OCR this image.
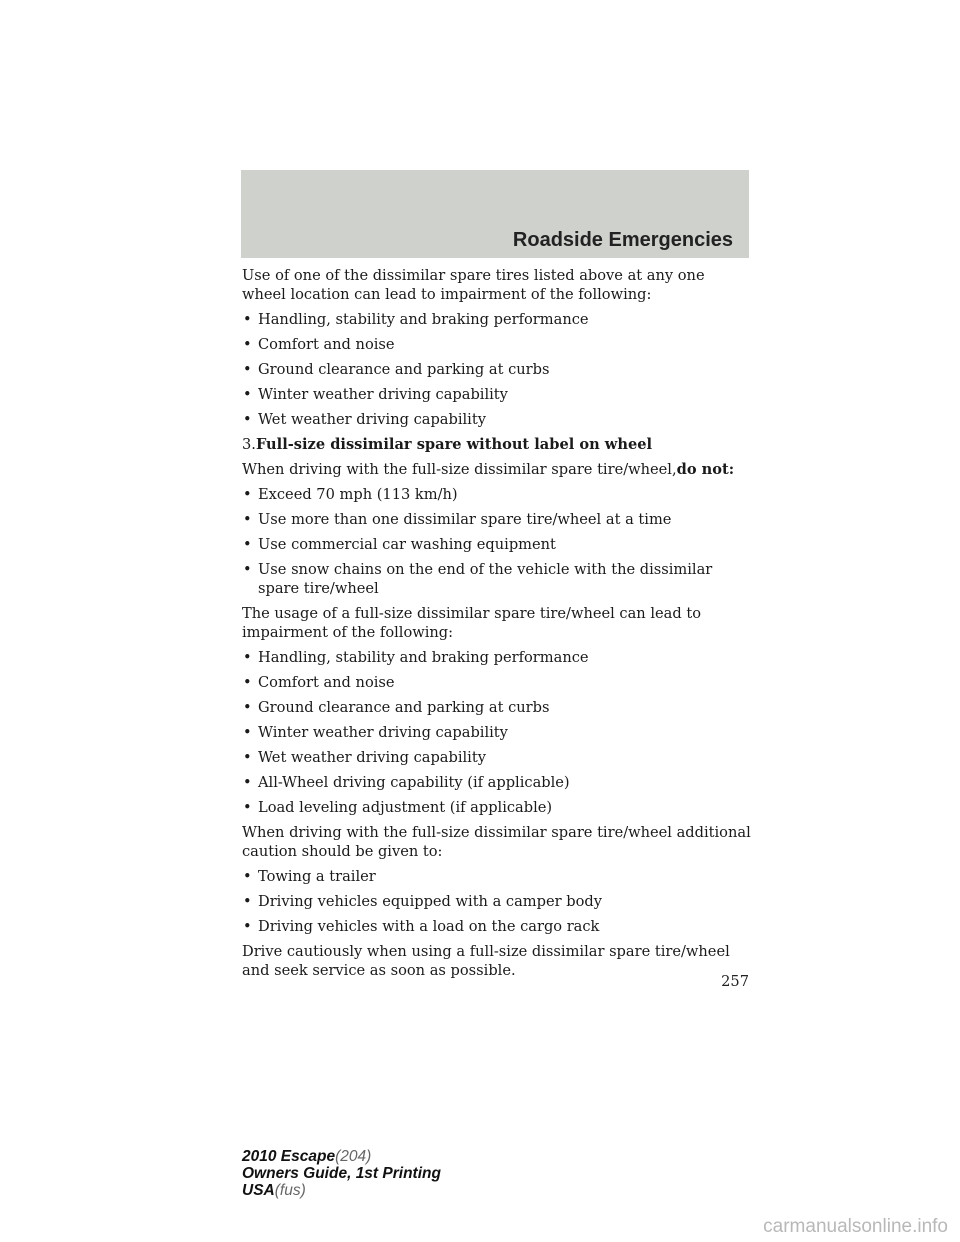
Roadside Emergencies

Use of one of the dissimilar spare tires listed above at any one wheel location can lead to impairment of the following:

• Handling, stability and braking performance
• Comfort and noise
• Ground clearance and parking at curbs
• Winter weather driving capability
• Wet weather driving capability

3.Full-size dissimilar spare without label on wheel

When driving with the full-size dissimilar spare tire/wheel,do not:

• Exceed 70 mph (113 km/h)
• Use more than one dissimilar spare tire/wheel at a time
• Use commercial car washing equipment
• Use snow chains on the end of the vehicle with the dissimilar spare tire/wheel

The usage of a full-size dissimilar spare tire/wheel can lead to impairment of the following:

• Handling, stability and braking performance
• Comfort and noise
• Ground clearance and parking at curbs
• Winter weather driving capability
• Wet weather driving capability
• All-Wheel driving capability (if applicable)
• Load leveling adjustment (if applicable)

When driving with the full-size dissimilar spare tire/wheel additional caution should be given to:

• Towing a trailer
• Driving vehicles equipped with a camper body
• Driving vehicles with a load on the cargo rack

Drive cautiously when using a full-size dissimilar spare tire/wheel and seek service as soon as possible.

257
2010 Escape(204)
Owners Guide, 1st Printing
USA(fus)
carmanualsonline.info
